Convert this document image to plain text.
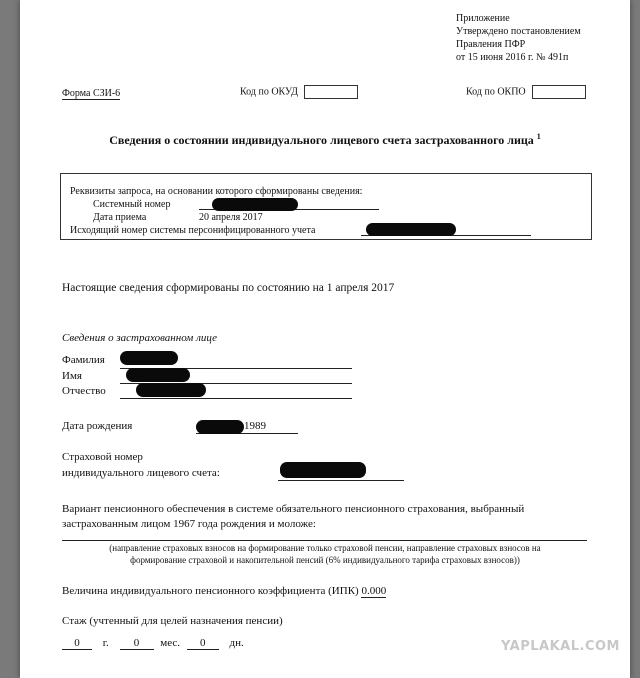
Приложение
Утверждено постановлением
Правления ПФР
от 15 июня 2016 г. № 491п
Форма СЗИ-6	Код по ОКУД	Код по ОКПО
Сведения о состоянии индивидуального лицевого счета застрахованного лица $^1$
Реквизиты запроса, на основании которого сформированы сведения:
Системный номер
Дата приема	20 апреля 2017
Исходящий номер системы персонифицированного учета
Настоящие сведения сформированы по состоянию на 1 апреля 2017
Сведения о застрахованном лице
Фамилия
Имя
Отчество
Дата рождения	1989
Страховой номер
индивидуального лицевого счета:
Вариант пенсионного обеспечения в системе обязательного пенсионного страхования, выбранный
застрахованным лицом 1967 года рождения и моложе:
(направление страховых взносов на формирование только страховой пенсии, направление страховых взносов на
формирование страховой и накопительной пенсий (6% индивидуального тарифа страховых взносов))
Величина индивидуального пенсионного коэффициента (ИПК) 0.000
Стаж (учтенный для целей назначения пенсии)
0 г. 0 мес. 0 дн.	YAPLAKAL.COM
